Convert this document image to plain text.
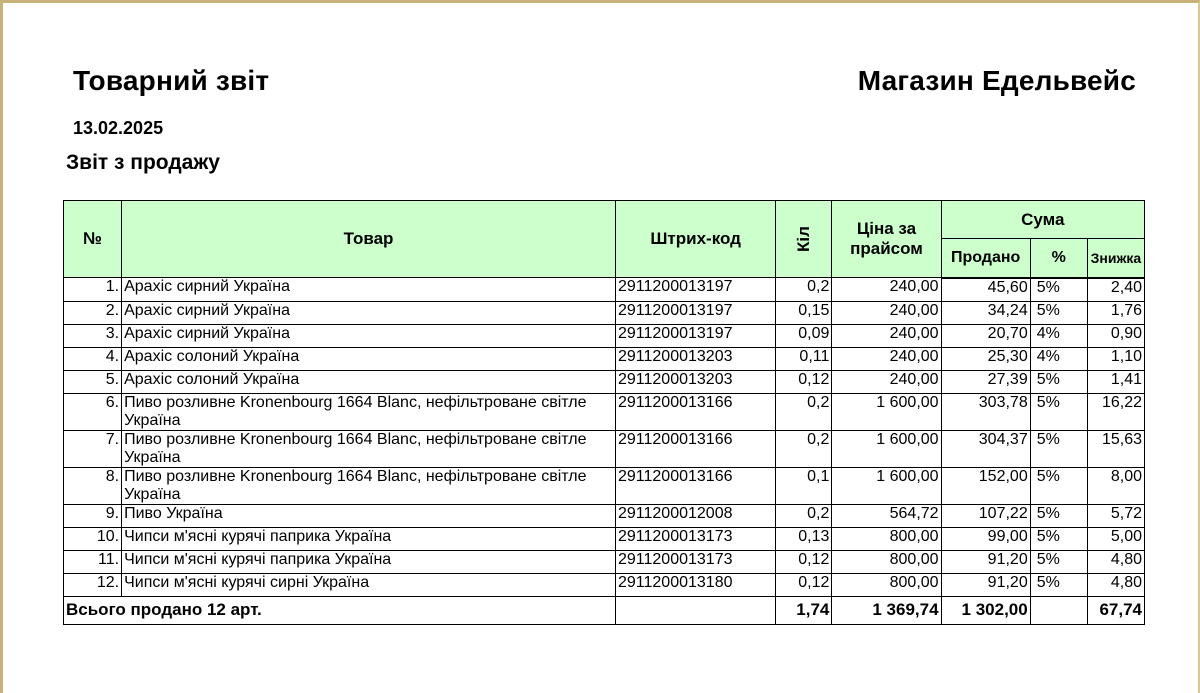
Товарний звіт	Магазин Едельвейс
13.02.2025
Звіт з продажу
№	Товар	Штрих-код	Кіл	Ціна за прайсом	Сума		
					Продано	%	Знижка
1.	Арахіс сирний Україна	2911200013197	0,2	240,00	45,60	5%	2,40
2.	Арахіс сирний Україна	2911200013197	0,15	240,00	34,24	5%	1,76
3.	Арахіс сирний Україна	2911200013197	0,09	240,00	20,70	4%	0,90
4.	Арахіс солоний Україна	2911200013203	0,11	240,00	25,30	4%	1,10
5.	Арахіс солоний Україна	2911200013203	0,12	240,00	27,39	5%	1,41
6.	Пиво розливне Kronenbourg 1664 Blanc, нефільтроване світле Україна	2911200013166	0,2	1 600,00	303,78	5%	16,22
7.	Пиво розливне Kronenbourg 1664 Blanc, нефільтроване світле Україна	2911200013166	0,2	1 600,00	304,37	5%	15,63
8.	Пиво розливне Kronenbourg 1664 Blanc, нефільтроване світле Україна	2911200013166	0,1	1 600,00	152,00	5%	8,00
9.	Пиво Україна	2911200012008	0,2	564,72	107,22	5%	5,72
10.	Чипси м'ясні курячі паприка Україна	2911200013173	0,13	800,00	99,00	5%	5,00
11.	Чипси м'ясні курячі паприка Україна	2911200013173	0,12	800,00	91,20	5%	4,80
12.	Чипси м'ясні курячі сирні Україна	2911200013180	0,12	800,00	91,20	5%	4,80
Всього продано 12 арт.			1,74	1 369,74	1 302,00		67,74
